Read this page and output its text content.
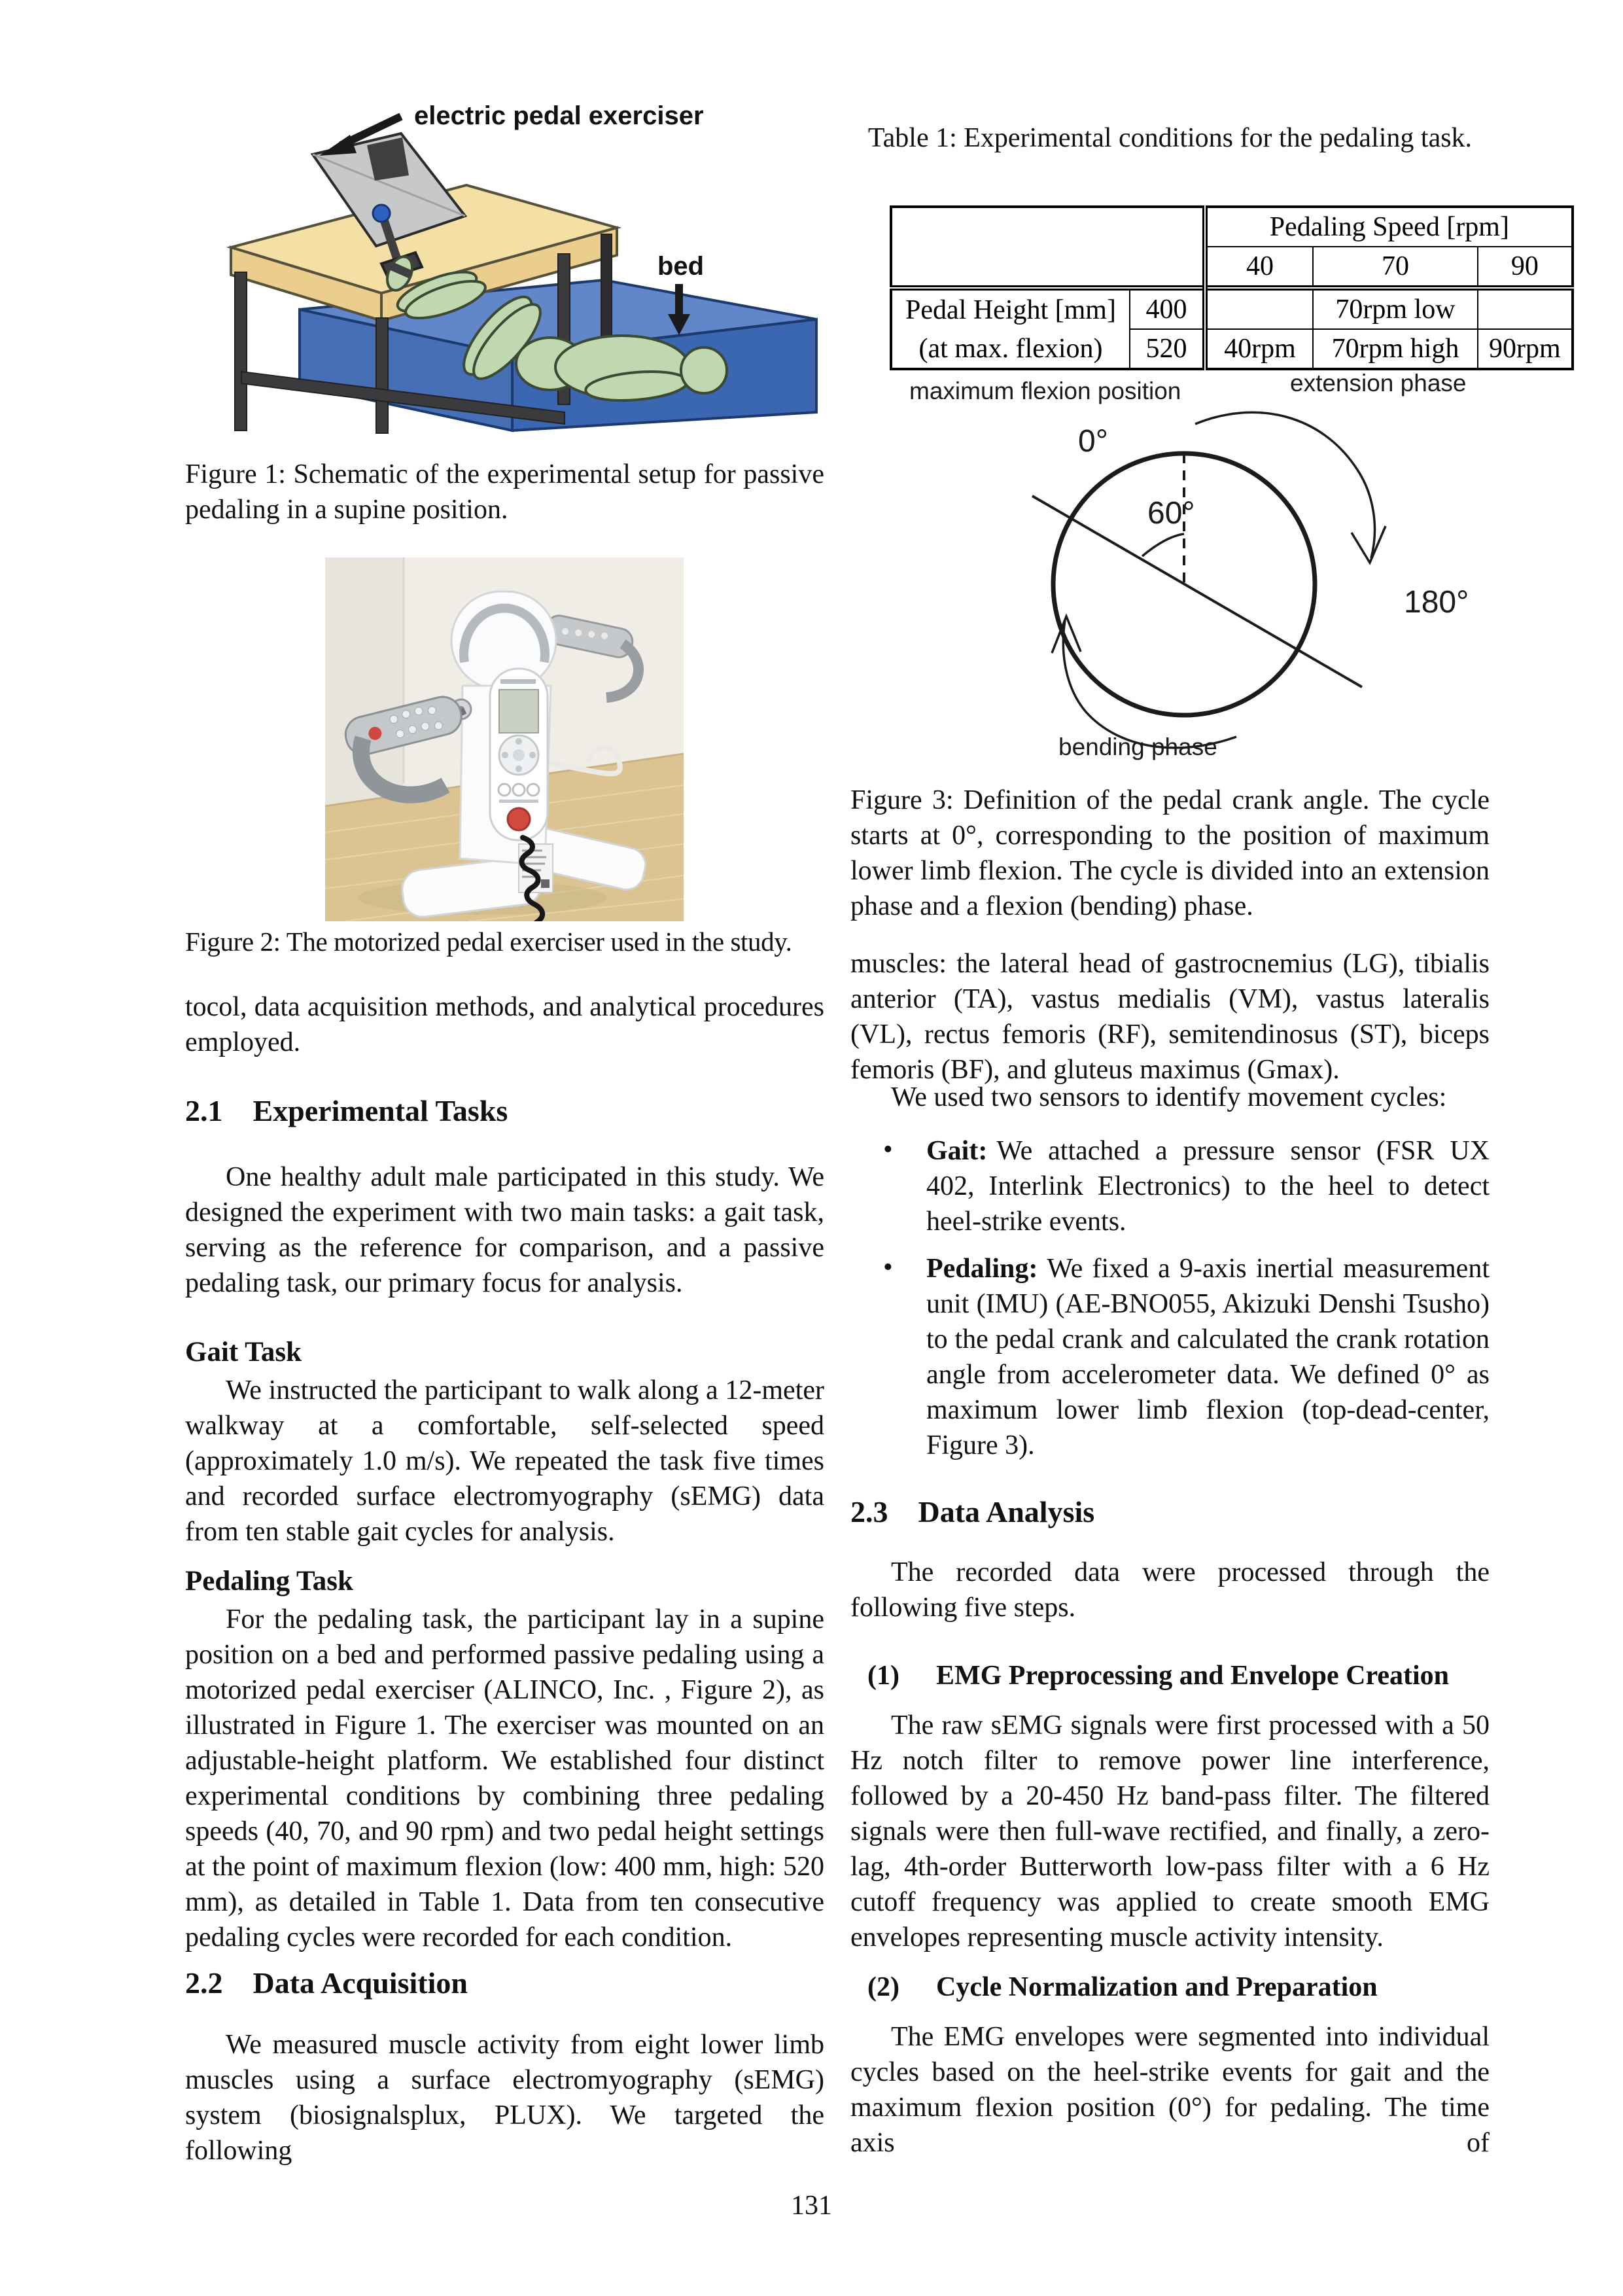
electric pedal exerciser
bed
Figure 1: Schematic of the experimental setup for passive pedaling in a supine position.
Figure 2: The motorized pedal exerciser used in the study.
tocol, data acquisition methods, and analytical procedures employed.
2.1 Experimental Tasks
One healthy adult male participated in this study. We designed the experiment with two main tasks: a gait task, serving as the reference for comparison, and a passive pedaling task, our primary focus for analysis.
Gait Task
We instructed the participant to walk along a 12-meter walkway at a comfortable, self-selected speed (approximately 1.0 m/s). We repeated the task five times and recorded surface electromyography (sEMG) data from ten stable gait cycles for analysis.
Pedaling Task
For the pedaling task, the participant lay in a supine position on a bed and performed passive pedaling using a motorized pedal exerciser (ALINCO, Inc. , Figure 2), as illustrated in Figure 1. The exerciser was mounted on an adjustable-height platform. We established four distinct experimental conditions by combining three pedaling speeds (40, 70, and 90 rpm) and two pedal height settings at the point of maximum flexion (low: 400 mm, high: 520 mm), as detailed in Table 1. Data from ten consecutive pedaling cycles were recorded for each condition.
2.2 Data Acquisition
We measured muscle activity from eight lower limb muscles using a surface electromyography (sEMG) system (biosignalsplux, PLUX). We targeted the following
Table 1: Experimental conditions for the pedaling task.
		Pedaling Speed [rpm]		
		40	70	90
Pedal Height [mm]	400		70rpm low	
(at max. flexion)	520	40rpm	70rpm high	90rpm
maximum flexion position	extension phase
bending phase
0°
60°
180°
Figure 3: Definition of the pedal crank angle. The cycle starts at 0°, corresponding to the position of maximum lower limb flexion. The cycle is divided into an extension phase and a flexion (bending) phase.
muscles: the lateral head of gastrocnemius (LG), tibialis anterior (TA), vastus medialis (VM), vastus lateralis (VL), rectus femoris (RF), semitendinosus (ST), biceps femoris (BF), and gluteus maximus (Gmax).
We used two sensors to identify movement cycles:
• Gait: We attached a pressure sensor (FSR UX 402, Interlink Electronics) to the heel to detect heel-strike events.
• Pedaling: We fixed a 9-axis inertial measurement unit (IMU) (AE-BNO055, Akizuki Denshi Tsusho) to the pedal crank and calculated the crank rotation angle from accelerometer data. We defined 0° as maximum lower limb flexion (top-dead-center, Figure 3).
2.3 Data Analysis
The recorded data were processed through the following five steps.
(1) EMG Preprocessing and Envelope Creation
The raw sEMG signals were first processed with a 50 Hz notch filter to remove power line interference, followed by a 20-450 Hz band-pass filter. The filtered signals were then full-wave rectified, and finally, a zero-lag, 4th-order Butterworth low-pass filter with a 6 Hz cutoff frequency was applied to create smooth EMG envelopes representing muscle activity intensity.
(2) Cycle Normalization and Preparation
The EMG envelopes were segmented into individual cycles based on the heel-strike events for gait and the maximum flexion position (0°) for pedaling. The time axis of
131
